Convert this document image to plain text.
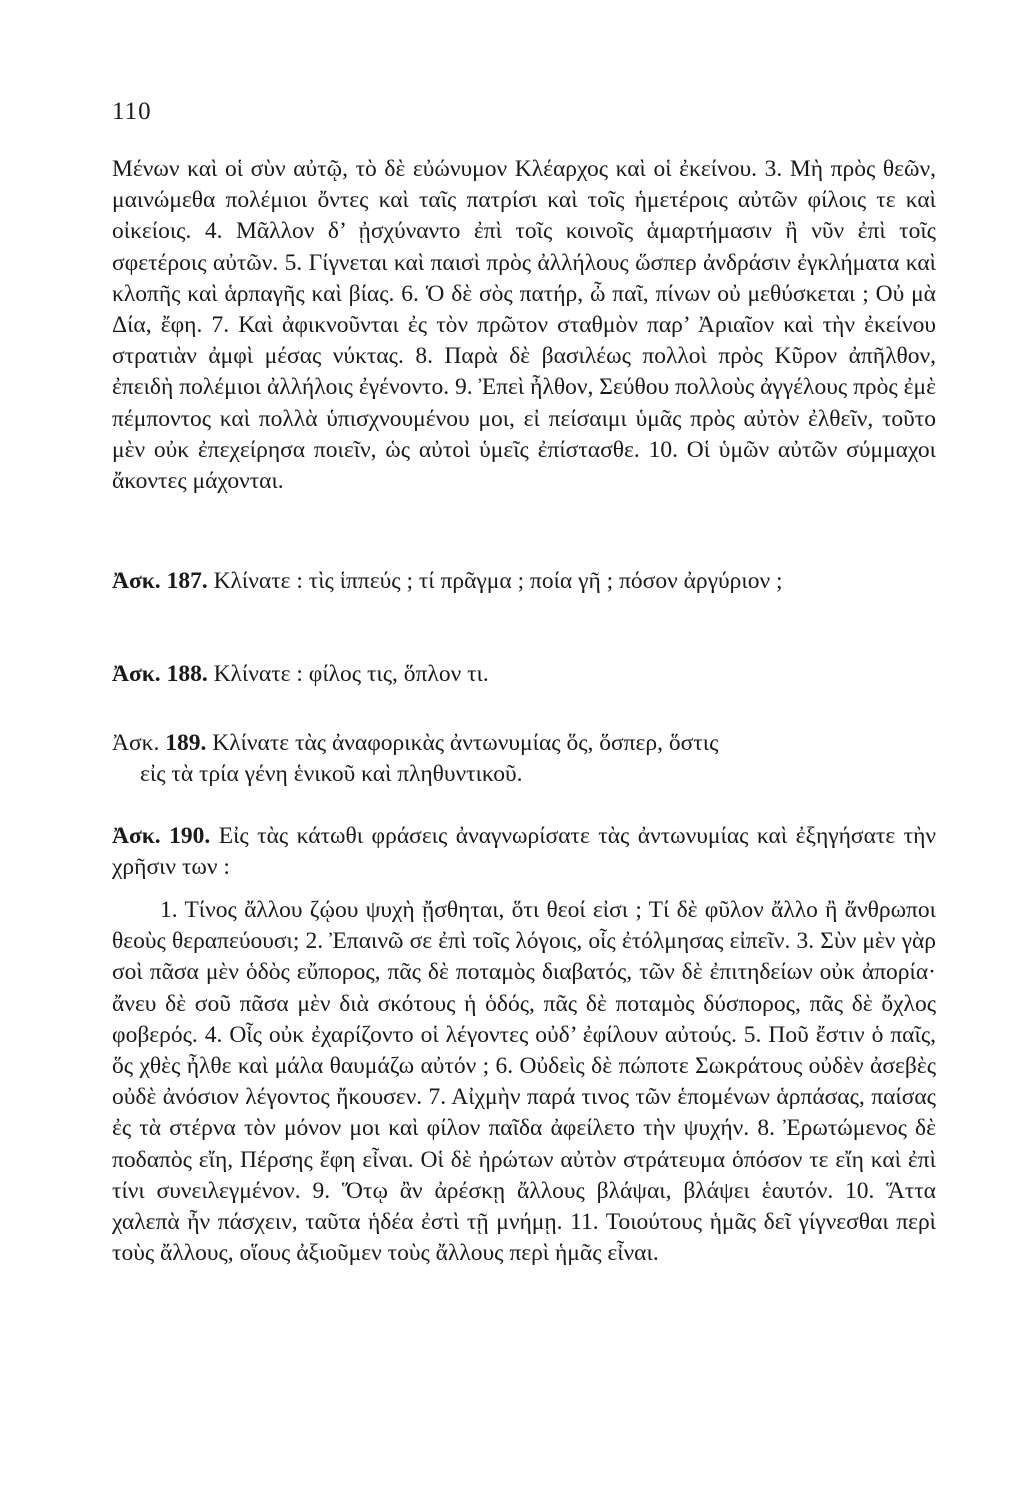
110

Μένων καὶ οἱ σὺν αὐτῷ, τὸ δὲ εὐώνυμον Κλέαρχος καὶ οἱ ἐκείνου. 3. Μὴ πρὸς θεῶν, μαινώμεθα πολέμιοι ὄντες καὶ ταῖς πατρίσι καὶ τοῖς ἡμετέροις αὐτῶν φίλοις τε καὶ οἰκείοις. 4. Μᾶλλον δ’ ᾐσχύναντο ἐπὶ τοῖς κοινοῖς ἁμαρτήμασιν ἢ νῦν ἐπὶ τοῖς σφετέροις αὐτῶν. 5. Γίγνεται καὶ παισὶ πρὸς ἀλλήλους ὥσπερ ἀνδράσιν ἐγκλήματα καὶ κλοπῆς καὶ ἁρπαγῆς καὶ βίας. 6. Ὁ δὲ σὸς πατήρ, ὦ παῖ, πίνων οὐ μεθύσκεται ; Οὐ μὰ Δία, ἔφη. 7. Καὶ ἀφικνοῦνται ἐς τὸν πρῶτον σταθμὸν παρ’ Ἀριαῖον καὶ τὴν ἐκείνου στρατιὰν ἀμφὶ μέσας νύκτας. 8. Παρὰ δὲ βασιλέως πολλοὶ πρὸς Κῦρον ἀπῆλθον, ἐπειδὴ πολέμιοι ἀλλήλοις ἐγένοντο. 9. Ἐπεὶ ἦλθον, Σεύθου πολλοὺς ἀγγέλους πρὸς ἐμὲ πέμποντος καὶ πολλὰ ὑπισχνουμένου μοι, εἰ πείσαιμι ὑμᾶς πρὸς αὐτὸν ἐλθεῖν, τοῦτο μὲν οὐκ ἐπεχείρησα ποιεῖν, ὡς αὐτοὶ ὑμεῖς ἐπίστασθε. 10. Οἱ ὑμῶν αὐτῶν σύμμαχοι ἄκοντες μάχονται.

Ἀσκ. 187. Κλίνατε : τὶς ἱππεύς ; τί πρᾶγμα ; ποία γῆ ; πόσον ἀργύριον ;

Ἀσκ. 188. Κλίνατε : φίλος τις, ὅπλον τι.

Ἀσκ. 189. Κλίνατε τὰς ἀναφορικὰς ἀντωνυμίας ὅς, ὅσπερ, ὅστις
εἰς τὰ τρία γένη ἑνικοῦ καὶ πληθυντικοῦ.

Ἀσκ. 190. Εἰς τὰς κάτωθι φράσεις ἀναγνωρίσατε τὰς ἀντωνυμίας καὶ ἐξηγήσατε τὴν χρῆσιν των :

1. Τίνος ἄλλου ζῴου ψυχὴ ᾔσθηται, ὅτι θεοί εἰσι ; Τί δὲ φῦλον ἄλλο ἢ ἄνθρωποι θεοὺς θεραπεύουσι; 2. Ἐπαινῶ σε ἐπὶ τοῖς λόγοις, οἷς ἐτόλμησας εἰπεῖν. 3. Σὺν μὲν γὰρ σοὶ πᾶσα μὲν ὁδὸς εὔπορος, πᾶς δὲ ποταμὸς διαβατός, τῶν δὲ ἐπιτηδείων οὐκ ἀπορία· ἄνευ δὲ σοῦ πᾶσα μὲν διὰ σκότους ἡ ὁδός, πᾶς δὲ ποταμὸς δύσπορος, πᾶς δὲ ὄχλος φοβερός. 4. Οἷς οὐκ ἐχαρίζοντο οἱ λέγοντες οὐδ’ ἐφίλουν αὐτούς. 5. Ποῦ ἔστιν ὁ παῖς, ὅς χθὲς ἦλθε καὶ μάλα θαυμάζω αὐτόν ; 6. Οὐδεὶς δὲ πώποτε Σωκράτους οὐδὲν ἀσεβὲς οὐδὲ ἀνόσιον λέγοντος ἤκουσεν. 7. Αἰχμὴν παρά τινος τῶν ἑπομένων ἁρπάσας, παίσας ἐς τὰ στέρνα τὸν μόνον μοι καὶ φίλον παῖδα ἀφείλετο τὴν ψυχήν. 8. Ἐρωτώμενος δὲ ποδαπὸς εἴη, Πέρσης ἔφη εἶναι. Οἱ δὲ ἠρώτων αὐτὸν στράτευμα ὁπόσον τε εἴη καὶ ἐπὶ τίνι συνειλεγμένον. 9. Ὅτῳ ἂν ἀρέσκῃ ἄλλους βλάψαι, βλάψει ἑαυτόν. 10. Ἅττα χαλεπὰ ἦν πάσχειν, ταῦτα ἡδέα ἐστὶ τῇ μνήμῃ. 11. Τοιούτους ἡμᾶς δεῖ γίγνεσθαι περὶ τοὺς ἄλλους, οἵους ἀξιοῦμεν τοὺς ἄλλους περὶ ἡμᾶς εἶναι.
